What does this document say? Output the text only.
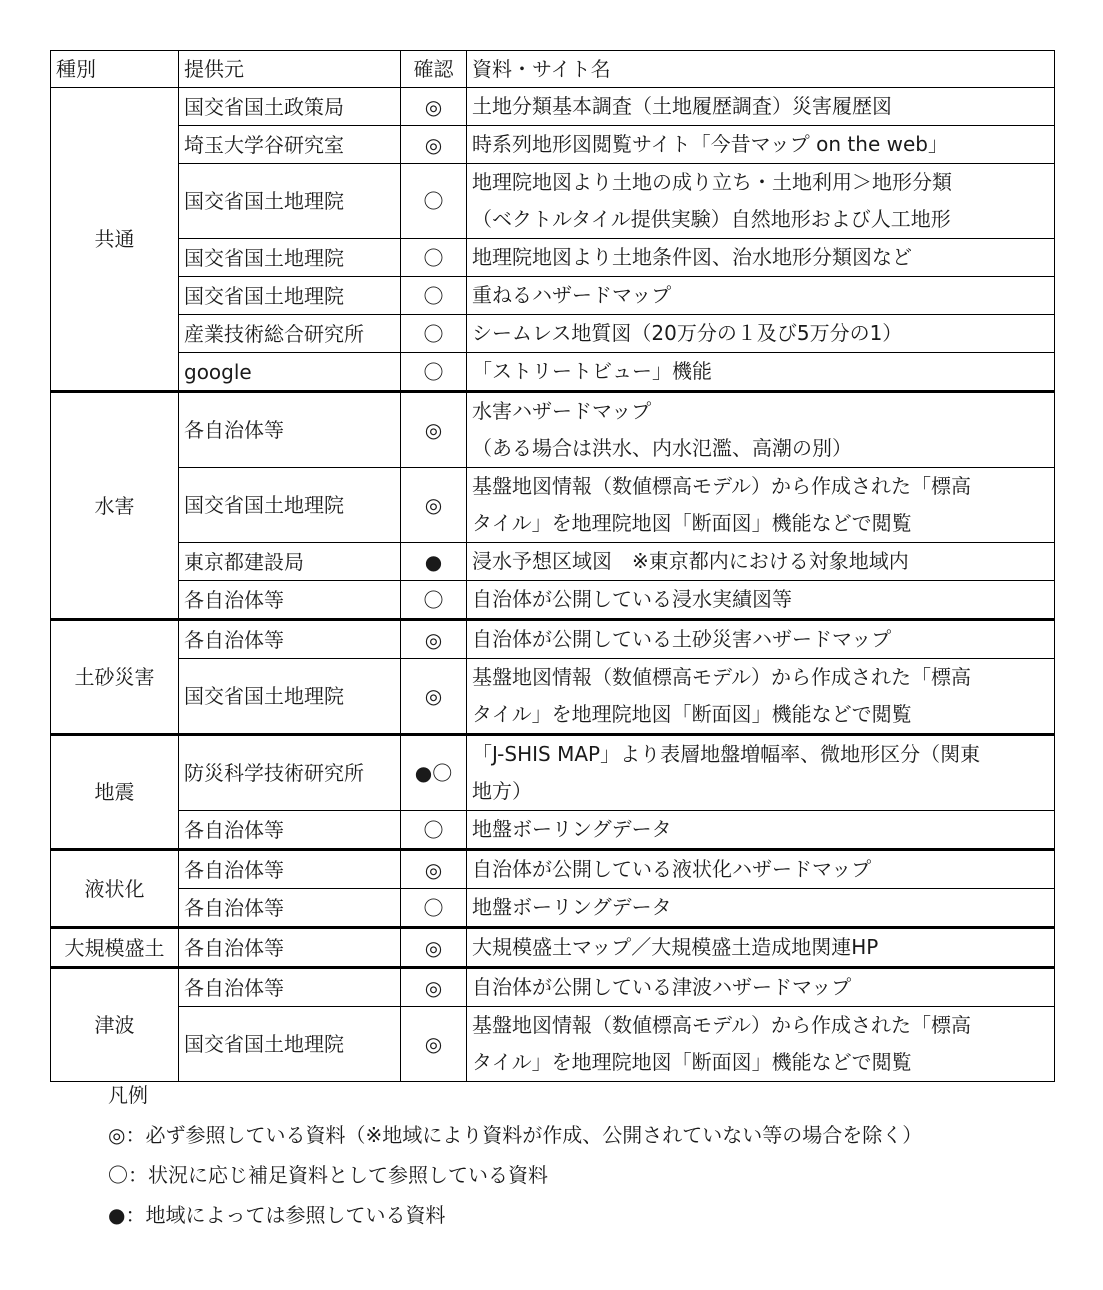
種別	提供元	確認	資料・サイト名
共通	国交省国土政策局	◎	土地分類基本調査（土地履歴調査）災害履歴図

	埼玉大学谷研究室	◎	時系列地形図閲覧サイト「今昔マップ on the web」

	国交省国土地理院	〇	地理院地図より土地の成り立ち・土地利用＞地形分類
（ベクトルタイル提供実験）自然地形および人工地形

	国交省国土地理院	〇	地理院地図より土地条件図、治水地形分類図など

	国交省国土地理院	〇	重ねるハザードマップ

	産業技術総合研究所	〇	シームレス地質図（20万分の１及び5万分の1）

	google	〇	「ストリートビュー」機能

水害	各自治体等	◎	水害ハザードマップ
（ある場合は洪水、内水氾濫、高潮の別）

	国交省国土地理院	◎	基盤地図情報（数値標高モデル）から作成された「標高
タイル」を地理院地図「断面図」機能などで閲覧

	東京都建設局	●	浸水予想区域図　※東京都内における対象地域内

	各自治体等	〇	自治体が公開している浸水実績図等

土砂災害	各自治体等	◎	自治体が公開している土砂災害ハザードマップ

	国交省国土地理院	◎	基盤地図情報（数値標高モデル）から作成された「標高
タイル」を地理院地図「断面図」機能などで閲覧

地震	防災科学技術研究所	●〇	「J-SHIS MAP」より表層地盤増幅率、微地形区分（関東
地方）

	各自治体等	〇	地盤ボーリングデータ

液状化	各自治体等	◎	自治体が公開している液状化ハザードマップ

	各自治体等	〇	地盤ボーリングデータ

大規模盛土	各自治体等	◎	大規模盛土マップ／大規模盛土造成地関連HP

津波	各自治体等	◎	自治体が公開している津波ハザードマップ

	国交省国土地理院	◎	基盤地図情報（数値標高モデル）から作成された「標高
タイル」を地理院地図「断面図」機能などで閲覧
凡例
◎：必ず参照している資料（※地域により資料が作成、公開されていない等の場合を除く）
〇：状況に応じ補足資料として参照している資料
●：地域によっては参照している資料
